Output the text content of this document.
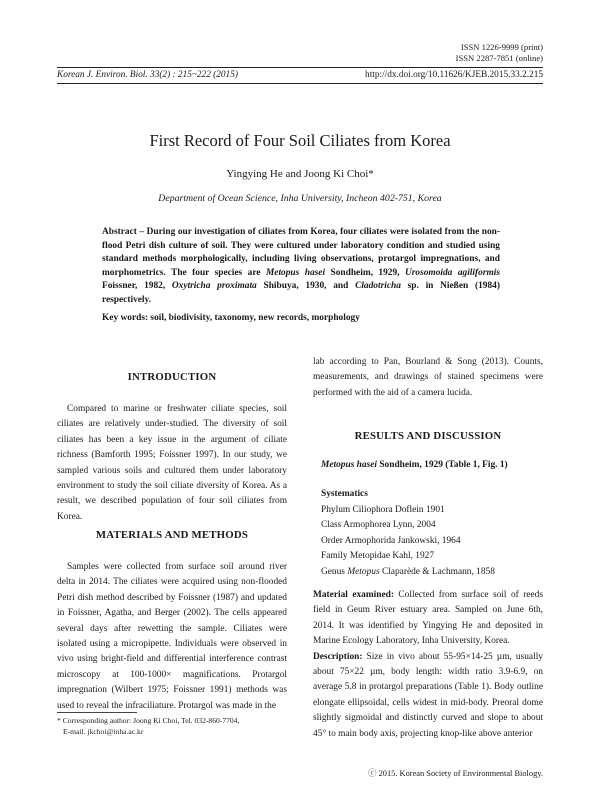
ISSN 1226-9999 (print)
ISSN 2287-7851 (online)
Korean J. Environ. Biol. 33(2) : 215~222 (2015)	http://dx.doi.org/10.11626/KJEB.2015.33.2.215
First Record of Four Soil Ciliates from Korea
Yingying He and Joong Ki Choi*
Department of Ocean Science, Inha University, Incheon 402-751, Korea
Abstract – During our investigation of ciliates from Korea, four ciliates were isolated from the non-flood Petri dish culture of soil. They were cultured under laboratory condition and studied using standard methods morphologically, including living observations, protargol impregnations, and morphometrics. The four species are Metopus hasei Sondheim, 1929, Urosomoida agiliformis Foissner, 1982, Oxytricha proximata Shibuya, 1930, and Cladotricha sp. in Nießen (1984) respectively.
Key words: soil, biodivisity, taxonomy, new records, morphology
INTRODUCTION

Compared to marine or freshwater ciliate species, soil ciliates are relatively under-studied. The diversity of soil ciliates has been a key issue in the argument of ciliate richness (Bamforth 1995; Foissner 1997). In our study, we sampled various soils and cultured them under laboratory environment to study the soil ciliate diversity of Korea. As a result, we described population of four soil ciliates from Korea.

MATERIALS AND METHODS

Samples were collected from surface soil around river delta in 2014. The ciliates were acquired using non-flooded Petri dish method described by Foissner (1987) and updated in Foissner, Agatha, and Berger (2002). The cells appeared several days after rewetting the sample. Ciliates were isolated using a micropipette. Individuals were observed in vivo using bright-field and differential interference contrast microscopy at 100-1000× magnifications. Protargol impregnation (Wilbert 1975; Foissner 1991) methods was used to reveal the infraciliature. Protargol was made in the

* Corresponding author: Joong Ki Choi, Tel. 032-860-7704,
E-mail. jkchoi@inha.ac.kr

lab according to Pan, Bourland & Song (2013). Counts, measurements, and drawings of stained specimens were performed with the aid of a camera lucida.

RESULTS AND DISCUSSION
Metopus hasei Sondheim, 1929 (Table 1, Fig. 1)
Systematics
Phylum Ciliophora Doflein 1901
Class Armophorea Lynn, 2004
Order Armophorida Jankowski, 1964
Family Metopidae Kahl, 1927
Genus Metopus Claparède & Lachmann, 1858

Material examined: Collected from surface soil of reeds field in Geum River estuary area. Sampled on June 6th, 2014. It was identified by Yingying He and deposited in Marine Ecology Laboratory, Inha University, Korea.

Description: Size in vivo about 55-95×14-25 µm, usually about 75×22 µm, body length: width ratio 3.9-6.9, on average 5.8 in protargol preparations (Table 1). Body outline elongate ellipsoidal, cells widest in mid-body. Preoral dome slightly sigmoidal and distinctly curved and slope to about 45° to main body axis, projecting knop-like above anterior

ⓒ 2015. Korean Society of Environmental Biology.
